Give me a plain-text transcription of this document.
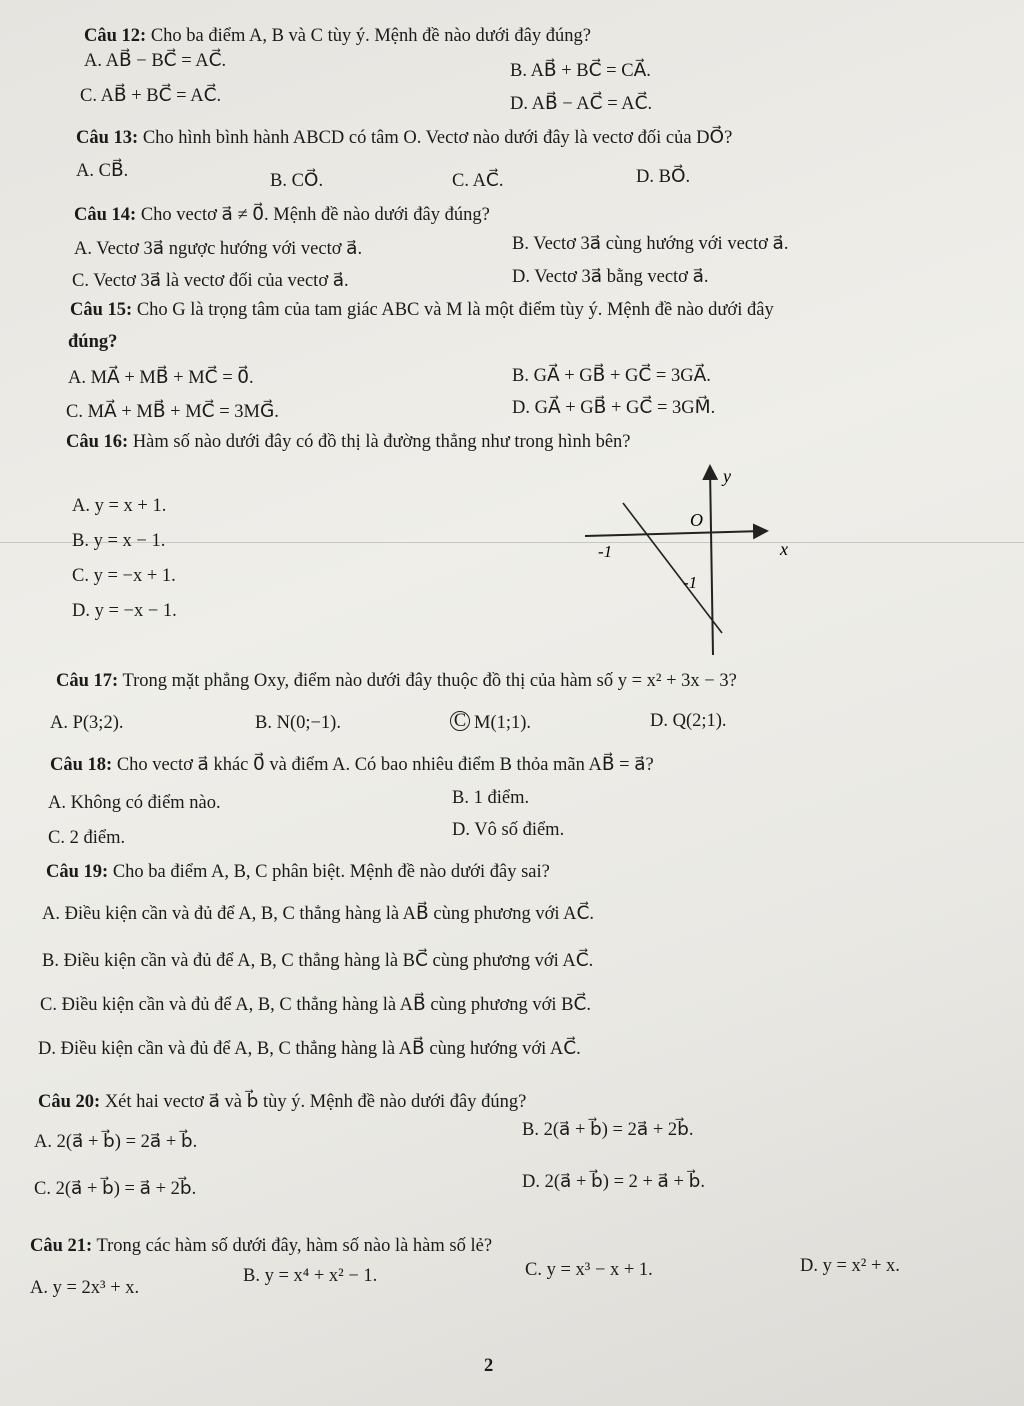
Câu 12: Cho ba điểm A, B và C tùy ý. Mệnh đề nào dưới đây đúng?
A. AB⃗ − BC⃗ = AC⃗.	B. AB⃗ + BC⃗ = CA⃗.
C. AB⃗ + BC⃗ = AC⃗.	D. AB⃗ − AC⃗ = AC⃗.
Câu 13: Cho hình bình hành ABCD có tâm O. Vectơ nào dưới đây là vectơ đối của DO⃗?
A. CB⃗.	B. CO⃗.	C. AC⃗.	D. BO⃗.
Câu 14: Cho vectơ a⃗ ≠ 0⃗. Mệnh đề nào dưới đây đúng?
A. Vectơ 3a⃗ ngược hướng với vectơ a⃗.	B. Vectơ 3a⃗ cùng hướng với vectơ a⃗.
C. Vectơ 3a⃗ là vectơ đối của vectơ a⃗.	D. Vectơ 3a⃗ bằng vectơ a⃗.
Câu 15: Cho G là trọng tâm của tam giác ABC và M là một điểm tùy ý. Mệnh đề nào dưới đây
đúng?
A. MA⃗ + MB⃗ + MC⃗ = 0⃗.	B. GA⃗ + GB⃗ + GC⃗ = 3GA⃗.
C. MA⃗ + MB⃗ + MC⃗ = 3MG⃗.	D. GA⃗ + GB⃗ + GC⃗ = 3GM⃗.
Câu 16: Hàm số nào dưới đây có đồ thị là đường thẳng như trong hình bên?
A. y = x + 1.
B. y = x − 1.
C. y = −x + 1.
D. y = −x − 1.
Câu 17: Trong mặt phẳng Oxy, điểm nào dưới đây thuộc đồ thị của hàm số y = x² + 3x − 3?
A. P(3;2).	B. N(0;−1).	C M(1;1).	D. Q(2;1).
Câu 18: Cho vectơ a⃗ khác 0⃗ và điểm A. Có bao nhiêu điểm B thỏa mãn AB⃗ = a⃗?
A. Không có điểm nào.	B. 1 điểm.
C. 2 điểm.	D. Vô số điểm.
Câu 19: Cho ba điểm A, B, C phân biệt. Mệnh đề nào dưới đây sai?
A. Điều kiện cần và đủ để A, B, C thẳng hàng là AB⃗ cùng phương với AC⃗.
B. Điều kiện cần và đủ để A, B, C thẳng hàng là BC⃗ cùng phương với AC⃗.
C. Điều kiện cần và đủ để A, B, C thẳng hàng là AB⃗ cùng phương với BC⃗.
D. Điều kiện cần và đủ để A, B, C thẳng hàng là AB⃗ cùng hướng với AC⃗.
Câu 20: Xét hai vectơ a⃗ và b⃗ tùy ý. Mệnh đề nào dưới đây đúng?
A. 2(a⃗ + b⃗) = 2a⃗ + b⃗.
B. 2(a⃗ + b⃗) = 2a⃗ + 2b⃗.
C. 2(a⃗ + b⃗) = a⃗ + 2b⃗.	D. 2(a⃗ + b⃗) = 2 + a⃗ + b⃗.
Câu 21: Trong các hàm số dưới đây, hàm số nào là hàm số lẻ?
A. y = 2x³ + x.
B. y = x⁴ + x² − 1.	C. y = x³ − x + 1.	D. y = x² + x.
y
x
O
-1
-1
2
